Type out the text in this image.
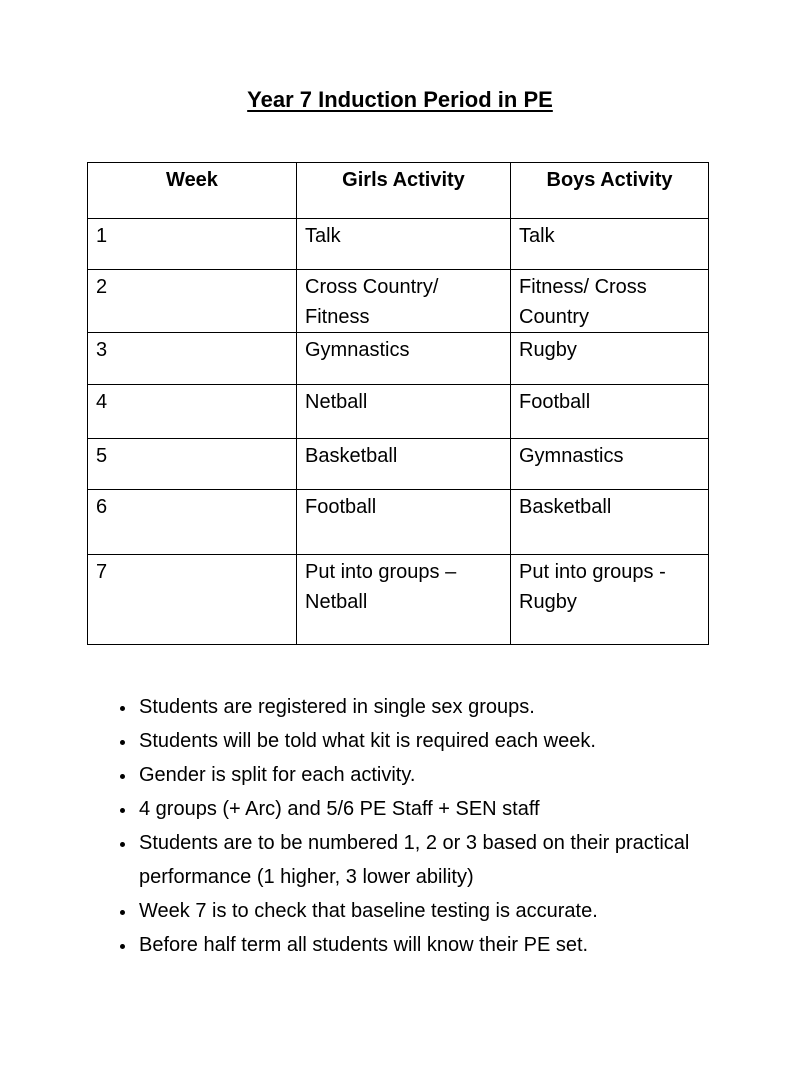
Year 7 Induction Period in PE
Week	Girls Activity	Boys Activity
1	Talk	Talk
2	Cross Country/ Fitness	Fitness/ Cross Country
3	Gymnastics	Rugby
4	Netball	Football
5	Basketball	Gymnastics
6	Football	Basketball
7	Put into groups – Netball	Put into groups - Rugby
• Students are registered in single sex groups.
• Students will be told what kit is required each week.
• Gender is split for each activity.
• 4 groups (+ Arc) and 5/6 PE Staff + SEN staff
• Students are to be numbered 1, 2 or 3 based on their practical performance (1 higher, 3 lower ability)
• Week 7 is to check that baseline testing is accurate.
• Before half term all students will know their PE set.
